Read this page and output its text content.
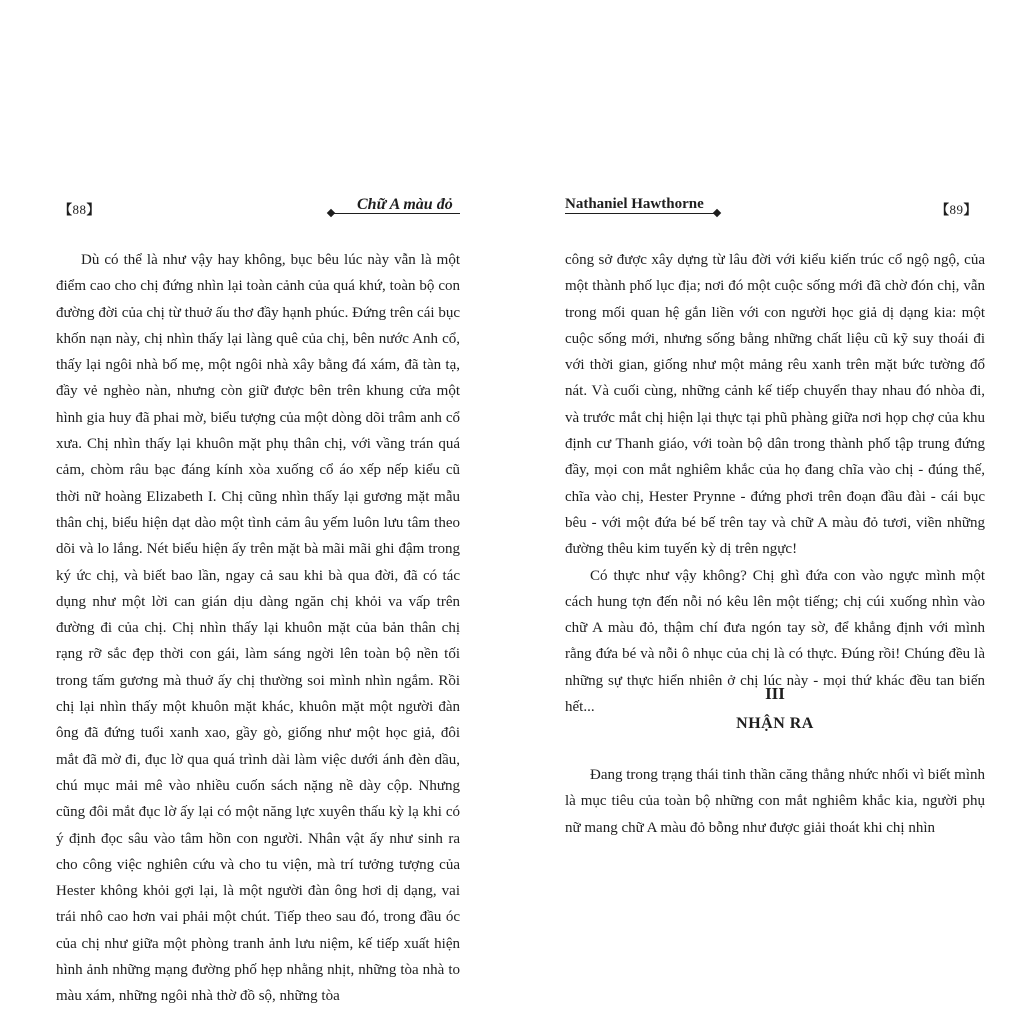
【88】	Chữ A màu đỏ

Dù có thể là như vậy hay không, bục bêu lúc này vẫn là một điểm cao cho chị đứng nhìn lại toàn cảnh của quá khứ, toàn bộ con đường đời của chị từ thuở ấu thơ đầy hạnh phúc. Đứng trên cái bục khốn nạn này, chị nhìn thấy lại làng quê của chị, bên nước Anh cổ, thấy lại ngôi nhà bố mẹ, một ngôi nhà xây bằng đá xám, đã tàn tạ, đầy vẻ nghèo nàn, nhưng còn giữ được bên trên khung cửa một hình gia huy đã phai mờ, biểu tượng của một dòng dõi trâm anh cổ xưa. Chị nhìn thấy lại khuôn mặt phụ thân chị, với vầng trán quá cảm, chòm râu bạc đáng kính xòa xuống cổ áo xếp nếp kiểu cũ thời nữ hoàng Elizabeth I. Chị cũng nhìn thấy lại gương mặt mẫu thân chị, biểu hiện dạt dào một tình cảm âu yếm luôn lưu tâm theo dõi và lo lắng. Nét biểu hiện ấy trên mặt bà mãi mãi ghi đậm trong ký ức chị, và biết bao lần, ngay cả sau khi bà qua đời, đã có tác dụng như một lời can gián dịu dàng ngăn chị khỏi va vấp trên đường đi của chị. Chị nhìn thấy lại khuôn mặt của bản thân chị rạng rỡ sắc đẹp thời con gái, làm sáng ngời lên toàn bộ nền tối trong tấm gương mà thuở ấy chị thường soi mình nhìn ngắm. Rồi chị lại nhìn thấy một khuôn mặt khác, khuôn mặt một người đàn ông đã đứng tuổi xanh xao, gầy gò, giống như một học giả, đôi mắt đã mờ đi, đục lờ qua quá trình dài làm việc dưới ánh đèn dầu, chú mục mải mê vào nhiều cuốn sách nặng nề dày cộp. Nhưng cũng đôi mắt đục lờ ấy lại có một năng lực xuyên thấu kỳ lạ khi có ý định đọc sâu vào tâm hồn con người. Nhân vật ấy như sinh ra cho công việc nghiên cứu và cho tu viện, mà trí tưởng tượng của Hester không khỏi gợi lại, là một người đàn ông hơi dị dạng, vai trái nhô cao hơn vai phải một chút. Tiếp theo sau đó, trong đầu óc của chị như giữa một phòng tranh ảnh lưu niệm, kế tiếp xuất hiện hình ảnh những mạng đường phố hẹp nhằng nhịt, những tòa nhà to màu xám, những ngôi nhà thờ đồ sộ, những tòa

Nathaniel Hawthorne	【89】

công sở được xây dựng từ lâu đời với kiểu kiến trúc cổ ngộ ngộ, của một thành phố lục địa; nơi đó một cuộc sống mới đã chờ đón chị, vẫn trong mối quan hệ gắn liền với con người học giả dị dạng kia: một cuộc sống mới, nhưng sống bằng những chất liệu cũ kỹ suy thoái đi với thời gian, giống như một mảng rêu xanh trên mặt bức tường đổ nát. Và cuối cùng, những cảnh kế tiếp chuyển thay nhau đó nhòa đi, và trước mắt chị hiện lại thực tại phũ phàng giữa nơi họp chợ của khu định cư Thanh giáo, với toàn bộ dân trong thành phố tập trung đứng đầy, mọi con mắt nghiêm khắc của họ đang chĩa vào chị - đúng thế, chĩa vào chị, Hester Prynne - đứng phơi trên đoạn đầu đài - cái bục bêu - với một đứa bé bế trên tay và chữ A màu đỏ tươi, viền những đường thêu kim tuyến kỳ dị trên ngực!

Có thực như vậy không? Chị ghì đứa con vào ngực mình một cách hung tợn đến nỗi nó kêu lên một tiếng; chị cúi xuống nhìn vào chữ A màu đỏ, thậm chí đưa ngón tay sờ, để khẳng định với mình rằng đứa bé và nỗi ô nhục của chị là có thực. Đúng rồi! Chúng đều là những sự thực hiển nhiên ở chị lúc này - mọi thứ khác đều tan biến hết...

III
NHẬN RA

Đang trong trạng thái tinh thần căng thẳng nhức nhối vì biết mình là mục tiêu của toàn bộ những con mắt nghiêm khắc kia, người phụ nữ mang chữ A màu đỏ bỗng như được giải thoát khi chị nhìn
